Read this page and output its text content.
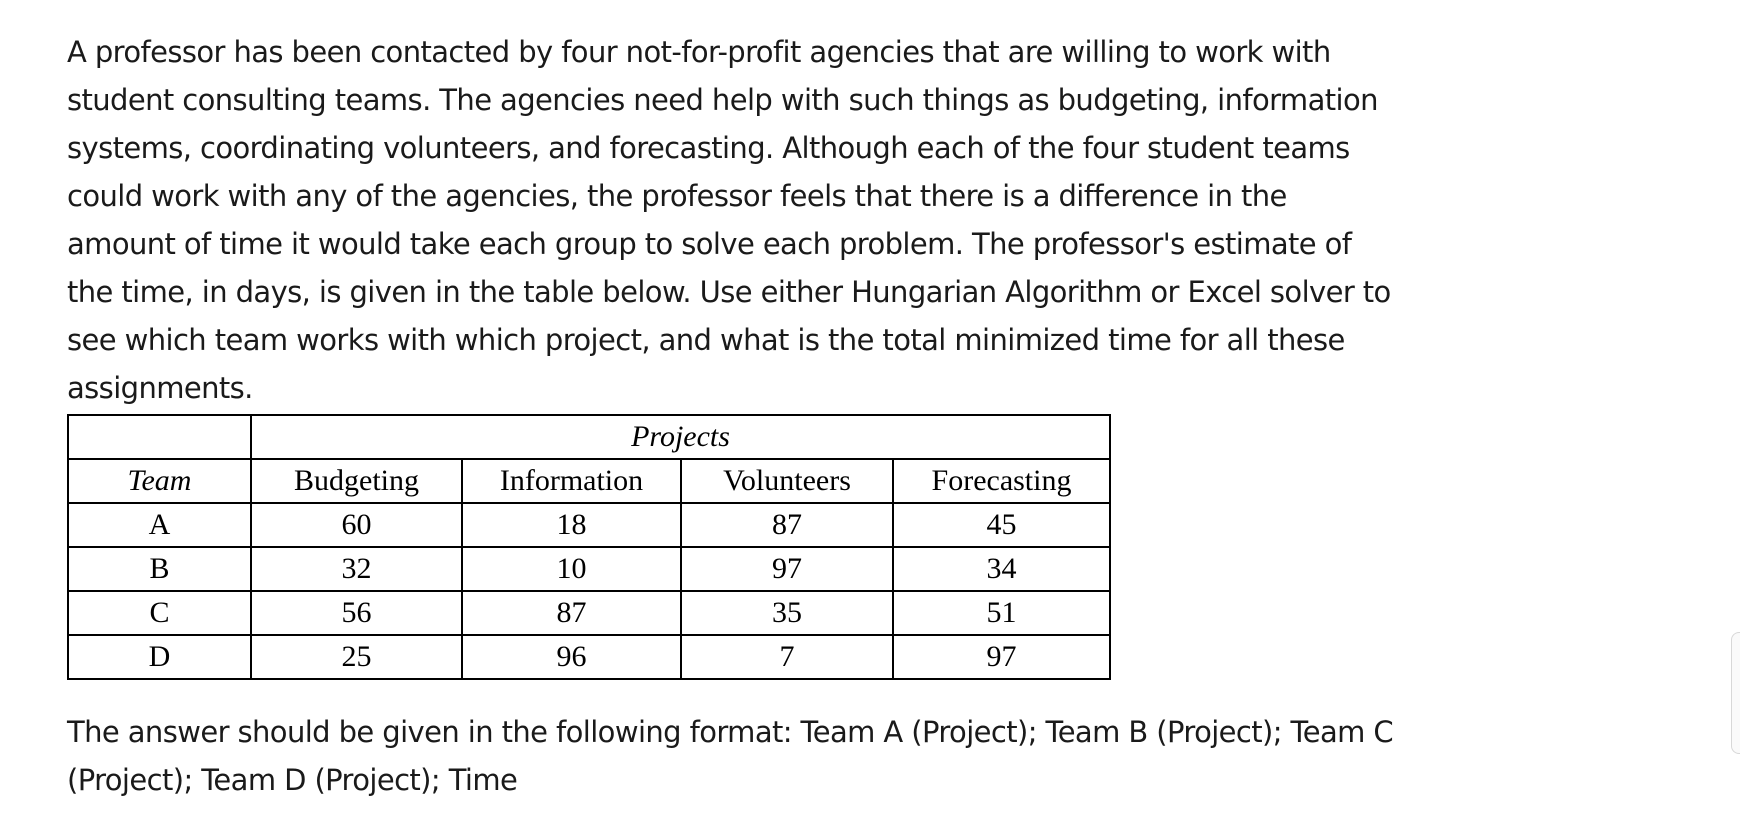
A professor has been contacted by four not-for-profit agencies that are willing to work with
student consulting teams. The agencies need help with such things as budgeting, information
systems, coordinating volunteers, and forecasting. Although each of the four student teams
could work with any of the agencies, the professor feels that there is a difference in the
amount of time it would take each group to solve each problem. The professor's estimate of
the time, in days, is given in the table below. Use either Hungarian Algorithm or Excel solver to
see which team works with which project, and what is the total minimized time for all these
assignments.
	Projects			
Team	Budgeting	Information	Volunteers	Forecasting
A	60	18	87	45
B	32	10	97	34
C	56	87	35	51
D	25	96	7	97
The answer should be given in the following format: Team A (Project); Team B (Project); Team C
(Project); Team D (Project); Time
